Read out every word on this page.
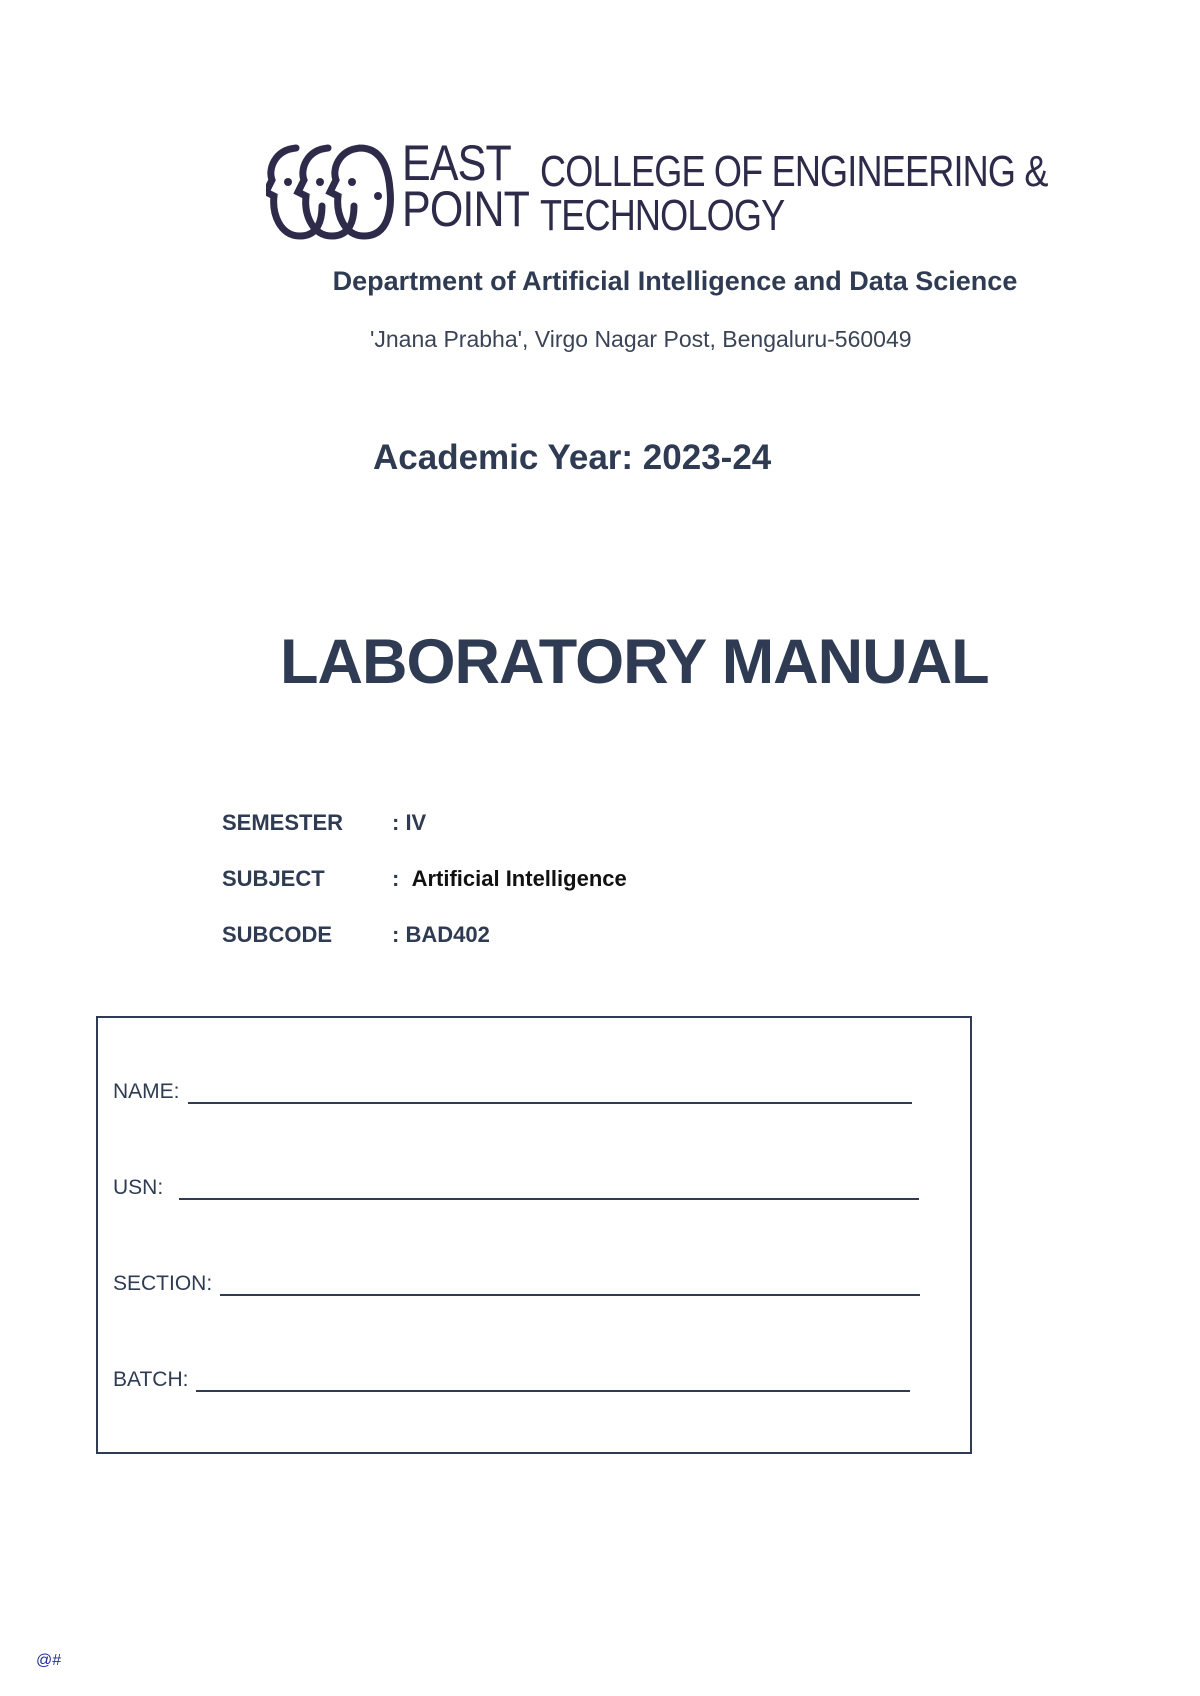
EAST
POINT
COLLEGE OF ENGINEERING &
TECHNOLOGY
Department of Artificial Intelligence and Data Science
'Jnana Prabha', Virgo Nagar Post, Bengaluru-560049
Academic Year: 2023-24
LABORATORY MANUAL
SEMESTER : IV
SUBJECT	: Artificial Intelligence
SUBCODE	: BAD402
NAME:
USN:
SECTION:
BATCH:
@#
